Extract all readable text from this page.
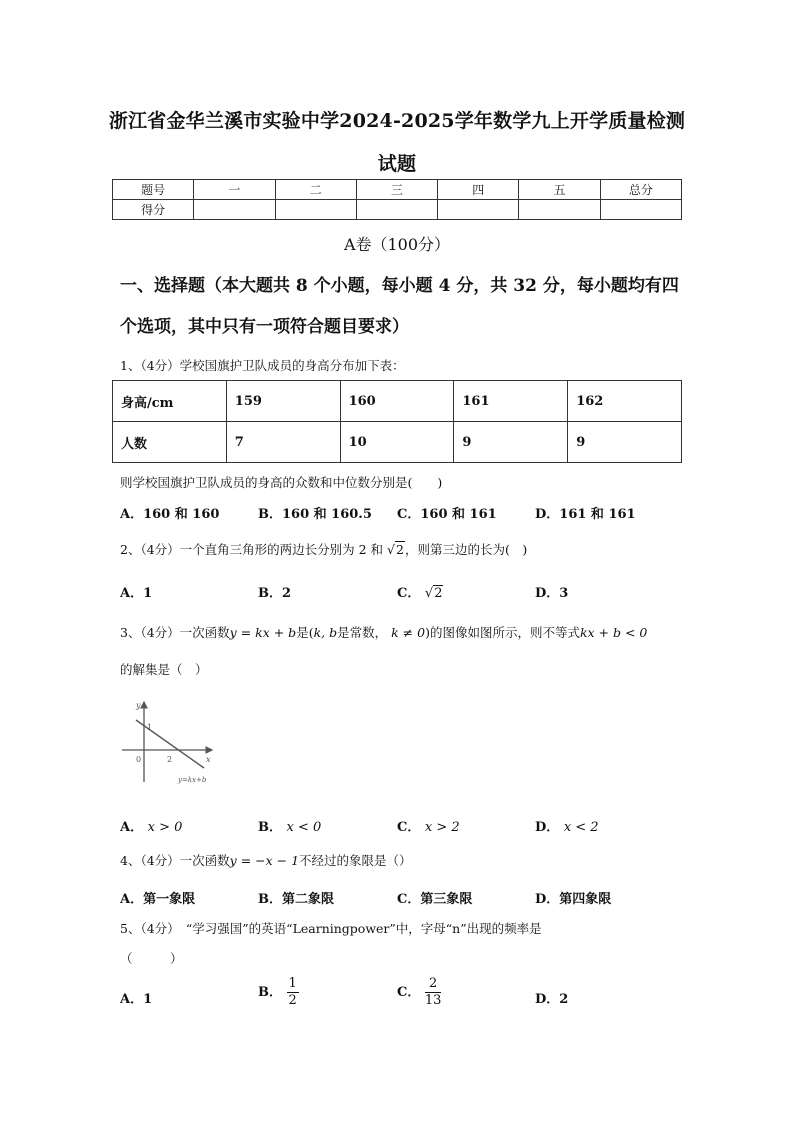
浙江省金华兰溪市实验中学2024-2025学年数学九上开学质量检测
试题
题号	一	二	三	四	五	总分
得分						
A卷（100分）
一、选择题（本大题共 8 个小题，每小题 4 分，共 32 分，每小题均有四个选项，其中只有一项符合题目要求）
1、（4分）学校国旗护卫队成员的身高分布加下表：
身高/cm	159	160	161	162
人数	7	10	9	9
则学校国旗护卫队成员的身高的众数和中位数分别是(　　)
A．160 和 160	B．160 和 160.5 C．160 和 161	D．161 和 161
2、（4分）一个直角三角形的两边长分别为 2 和 √2，则第三边的长为(　)
A．1	B．2	C． √2	D．3
3、（4分）一次函数y = kx + b是(k, b是常数， k ≠ 0)的图像如图所示，则不等式kx + b < 0
的解集是（　）
y
x
0
1
2
y=kx+b
A． x > 0	B． x < 0	C． x > 2	D． x < 2
4、（4分）一次函数y = −x − 1不经过的象限是（）
A．第一象限	B．第二象限	C．第三象限	D．第四象限
5、（4分）　“学习强国”的英语“Learningpower”中，字母“n”出现的频率是
（　　　）
A．1	B． $\frac{1}{2}$	C． $\frac{2}{13}$	D．2
